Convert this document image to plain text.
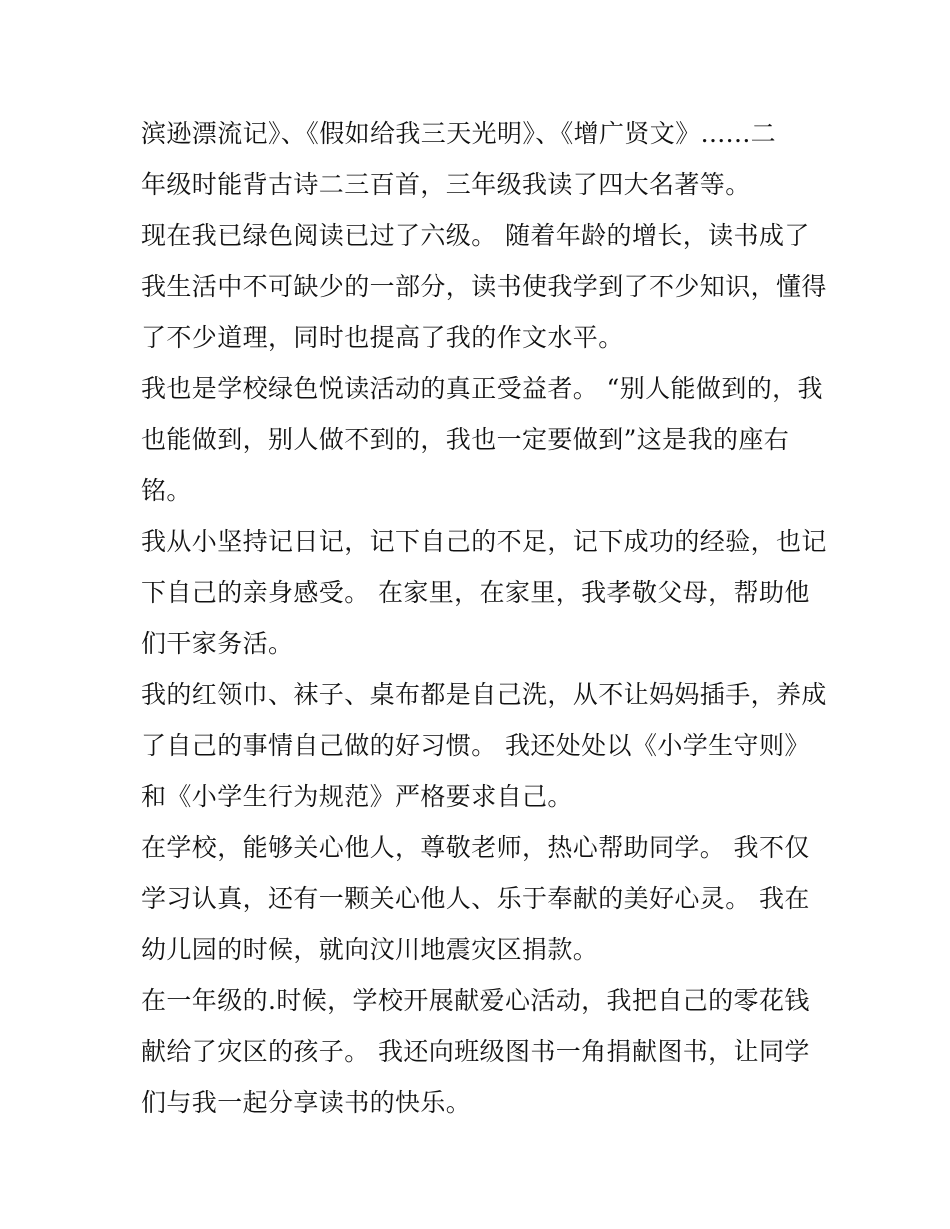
滨逊漂流记》、《假如给我三天光明》、《增广贤文》......二
年级时能背古诗二三百首，三年级我读了四大名著等。
现在我已绿色阅读已过了六级。 随着年龄的增长，读书成了
我生活中不可缺少的一部分，读书使我学到了不少知识，懂得
了不少道理，同时也提高了我的作文水平。
我也是学校绿色悦读活动的真正受益者。 “别人能做到的，我
也能做到，别人做不到的，我也一定要做到”这是我的座右
铭。
我从小坚持记日记，记下自己的不足，记下成功的经验，也记
下自己的亲身感受。 在家里，在家里，我孝敬父母，帮助他
们干家务活。
我的红领巾、袜子、桌布都是自己洗，从不让妈妈插手，养成
了自己的事情自己做的好习惯。 我还处处以《小学生守则》
和《小学生行为规范》严格要求自己。
在学校，能够关心他人，尊敬老师，热心帮助同学。 我不仅
学习认真，还有一颗关心他人、乐于奉献的美好心灵。 我在
幼儿园的时候，就向汶川地震灾区捐款。
在一年级的.时候，学校开展献爱心活动，我把自己的零花钱
献给了灾区的孩子。 我还向班级图书一角捐献图书，让同学
们与我一起分享读书的快乐。
